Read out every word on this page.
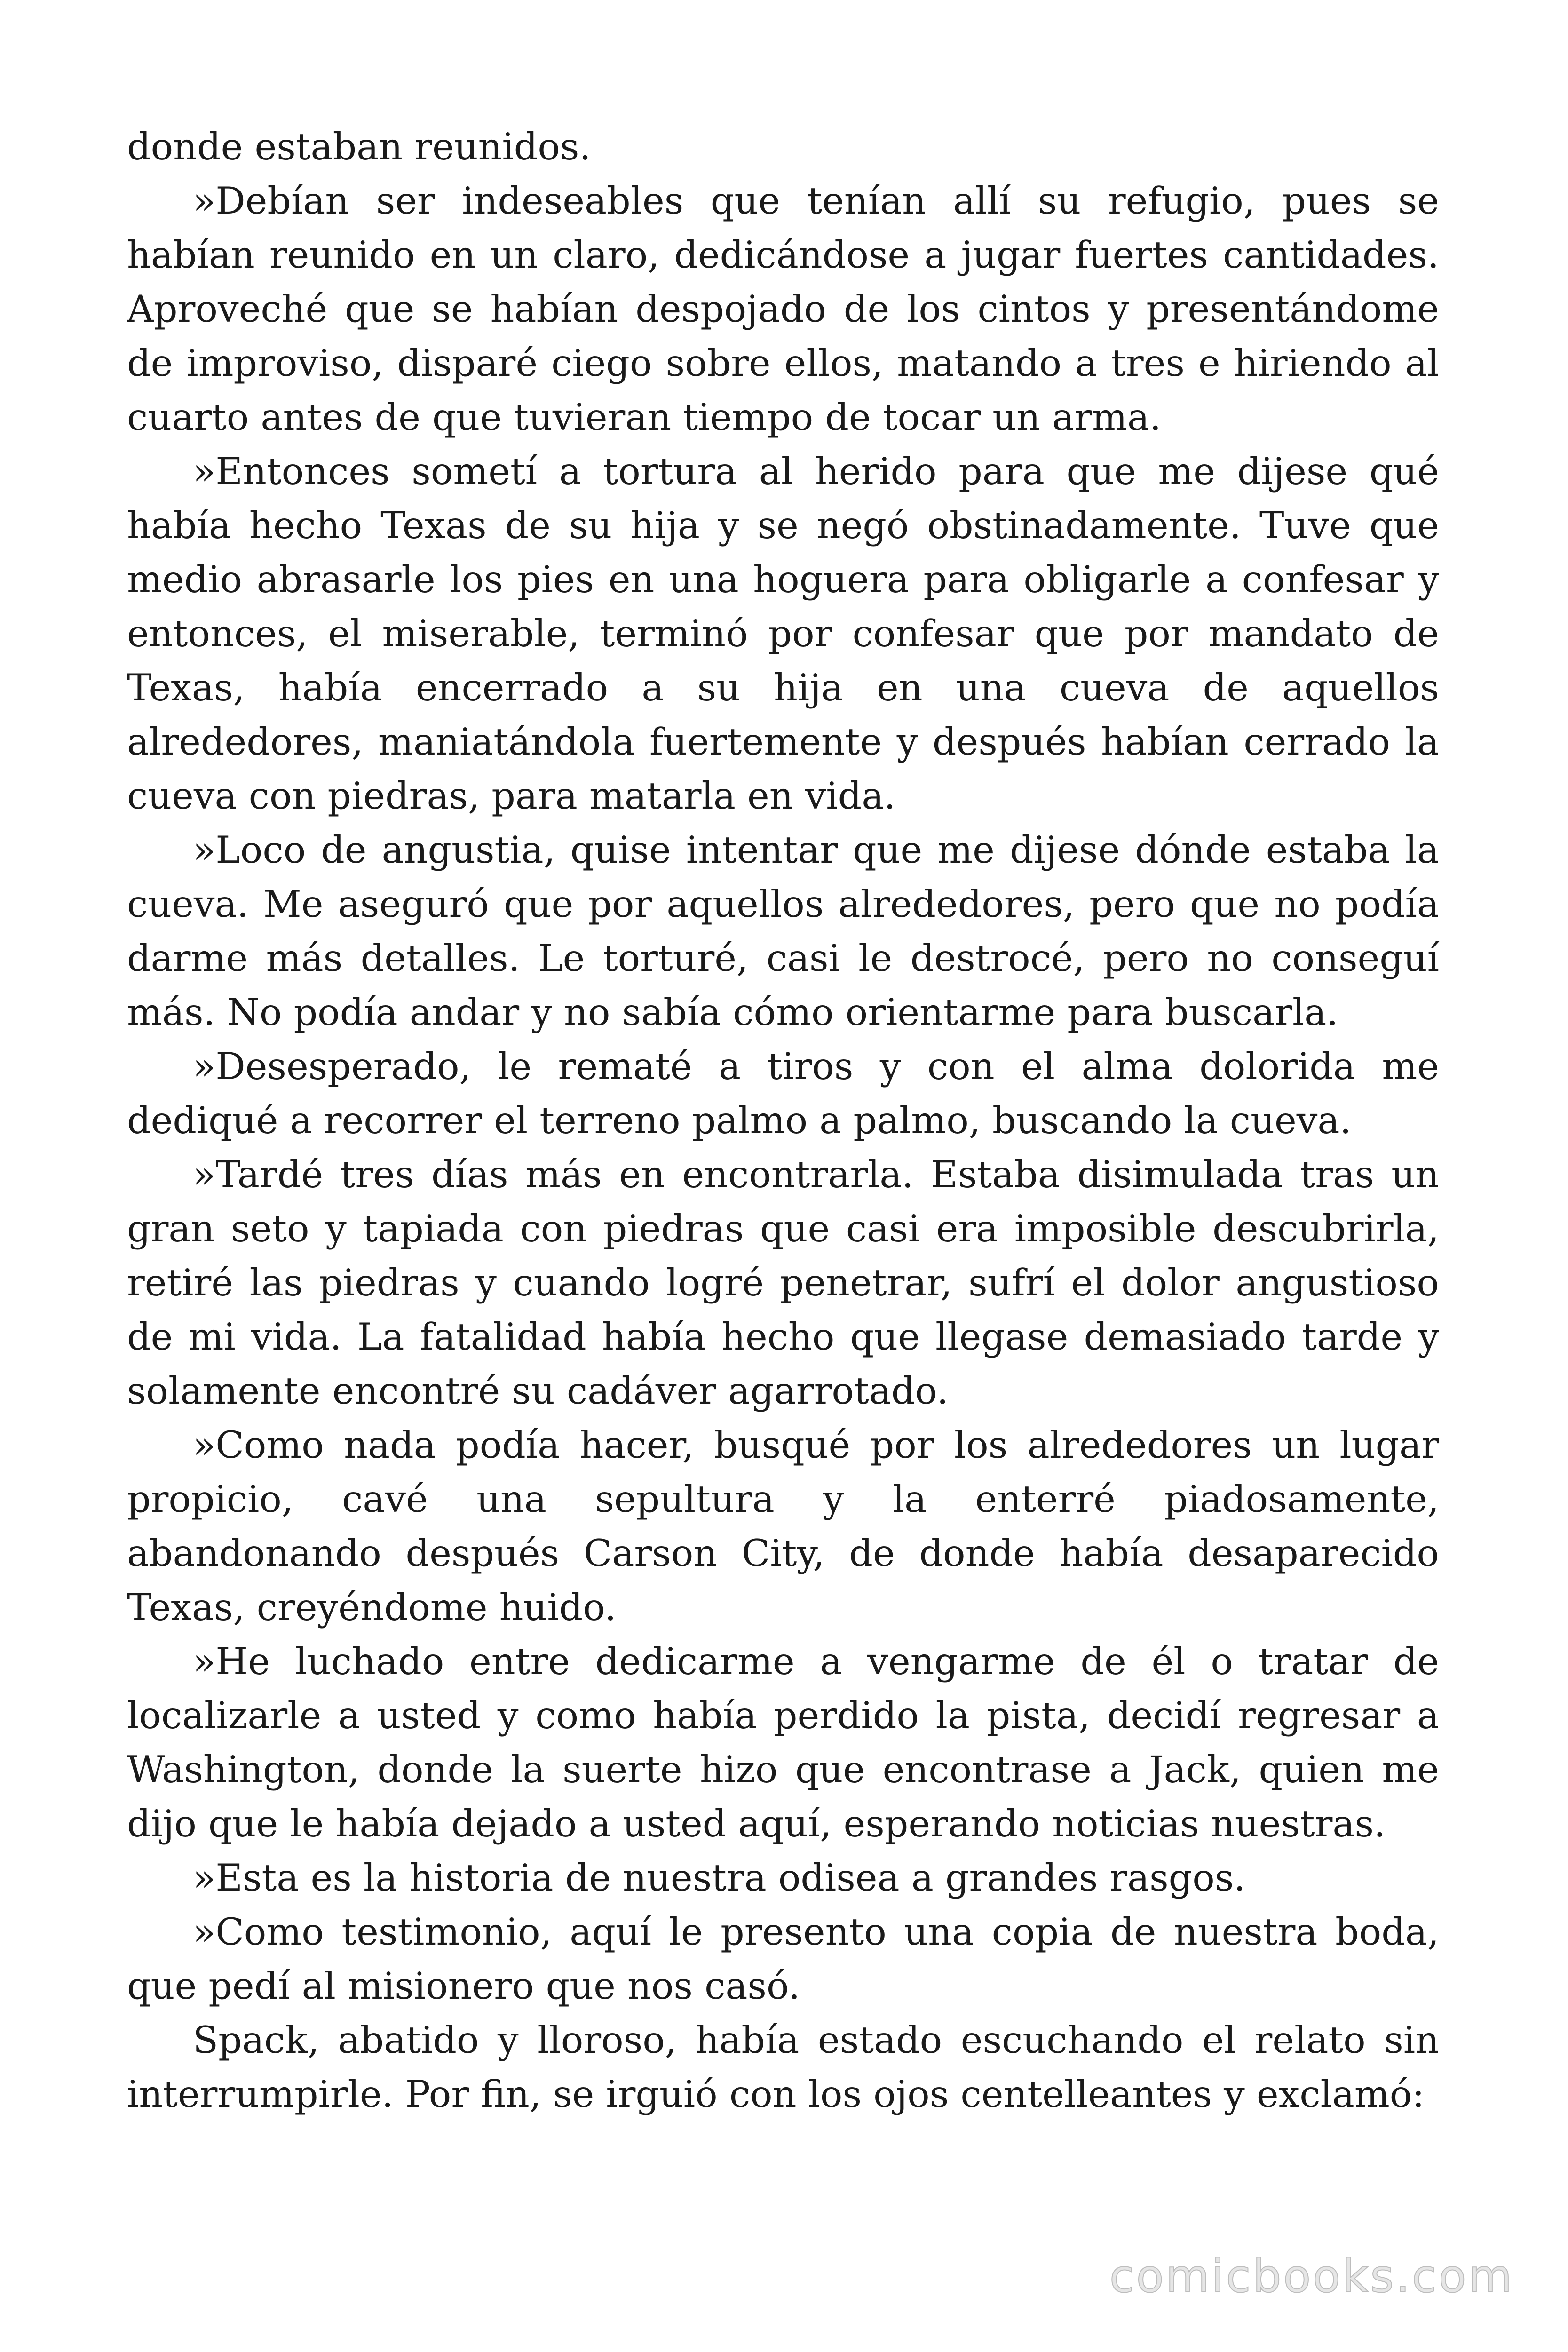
donde estaban reunidos.

»Debían ser indeseables que tenían allí su refugio, pues se habían reunido en un claro, dedicándose a jugar fuertes cantidades. Aproveché que se habían despojado de los cintos y presentándome de improviso, disparé ciego sobre ellos, matando a tres e hiriendo al cuarto antes de que tuvieran tiempo de tocar un arma.

»Entonces sometí a tortura al herido para que me dijese qué había hecho Texas de su hija y se negó obstinadamente. Tuve que medio abrasarle los pies en una hoguera para obligarle a confesar y entonces, el miserable, terminó por confesar que por mandato de Texas, había encerrado a su hija en una cueva de aquellos alrededores, maniatándola fuertemente y después habían cerrado la cueva con piedras, para matarla en vida.

»Loco de angustia, quise intentar que me dijese dónde estaba la cueva. Me aseguró que por aquellos alrededores, pero que no podía darme más detalles. Le torturé, casi le destrocé, pero no conseguí más. No podía andar y no sabía cómo orientarme para buscarla.

»Desesperado, le rematé a tiros y con el alma dolorida me dediqué a recorrer el terreno palmo a palmo, buscando la cueva.

»Tardé tres días más en encontrarla. Estaba disimulada tras un gran seto y tapiada con piedras que casi era imposible descubrirla, retiré las piedras y cuando logré penetrar, sufrí el dolor angustioso de mi vida. La fatalidad había hecho que llegase demasiado tarde y solamente encontré su cadáver agarrotado.

»Como nada podía hacer, busqué por los alrededores un lugar propicio, cavé una sepultura y la enterré piadosamente, abandonando después Carson City, de donde había desaparecido Texas, creyéndome huido.

»He luchado entre dedicarme a vengarme de él o tratar de localizarle a usted y como había perdido la pista, decidí regresar a Washington, donde la suerte hizo que encontrase a Jack, quien me dijo que le había dejado a usted aquí, esperando noticias nuestras.

»Esta es la historia de nuestra odisea a grandes rasgos.

»Como testimonio, aquí le presento una copia de nuestra boda, que pedí al misionero que nos casó.

Spack, abatido y lloroso, había estado escuchando el relato sin interrumpirle. Por fin, se irguió con los ojos centelleantes y exclamó:

comicbooks.com
